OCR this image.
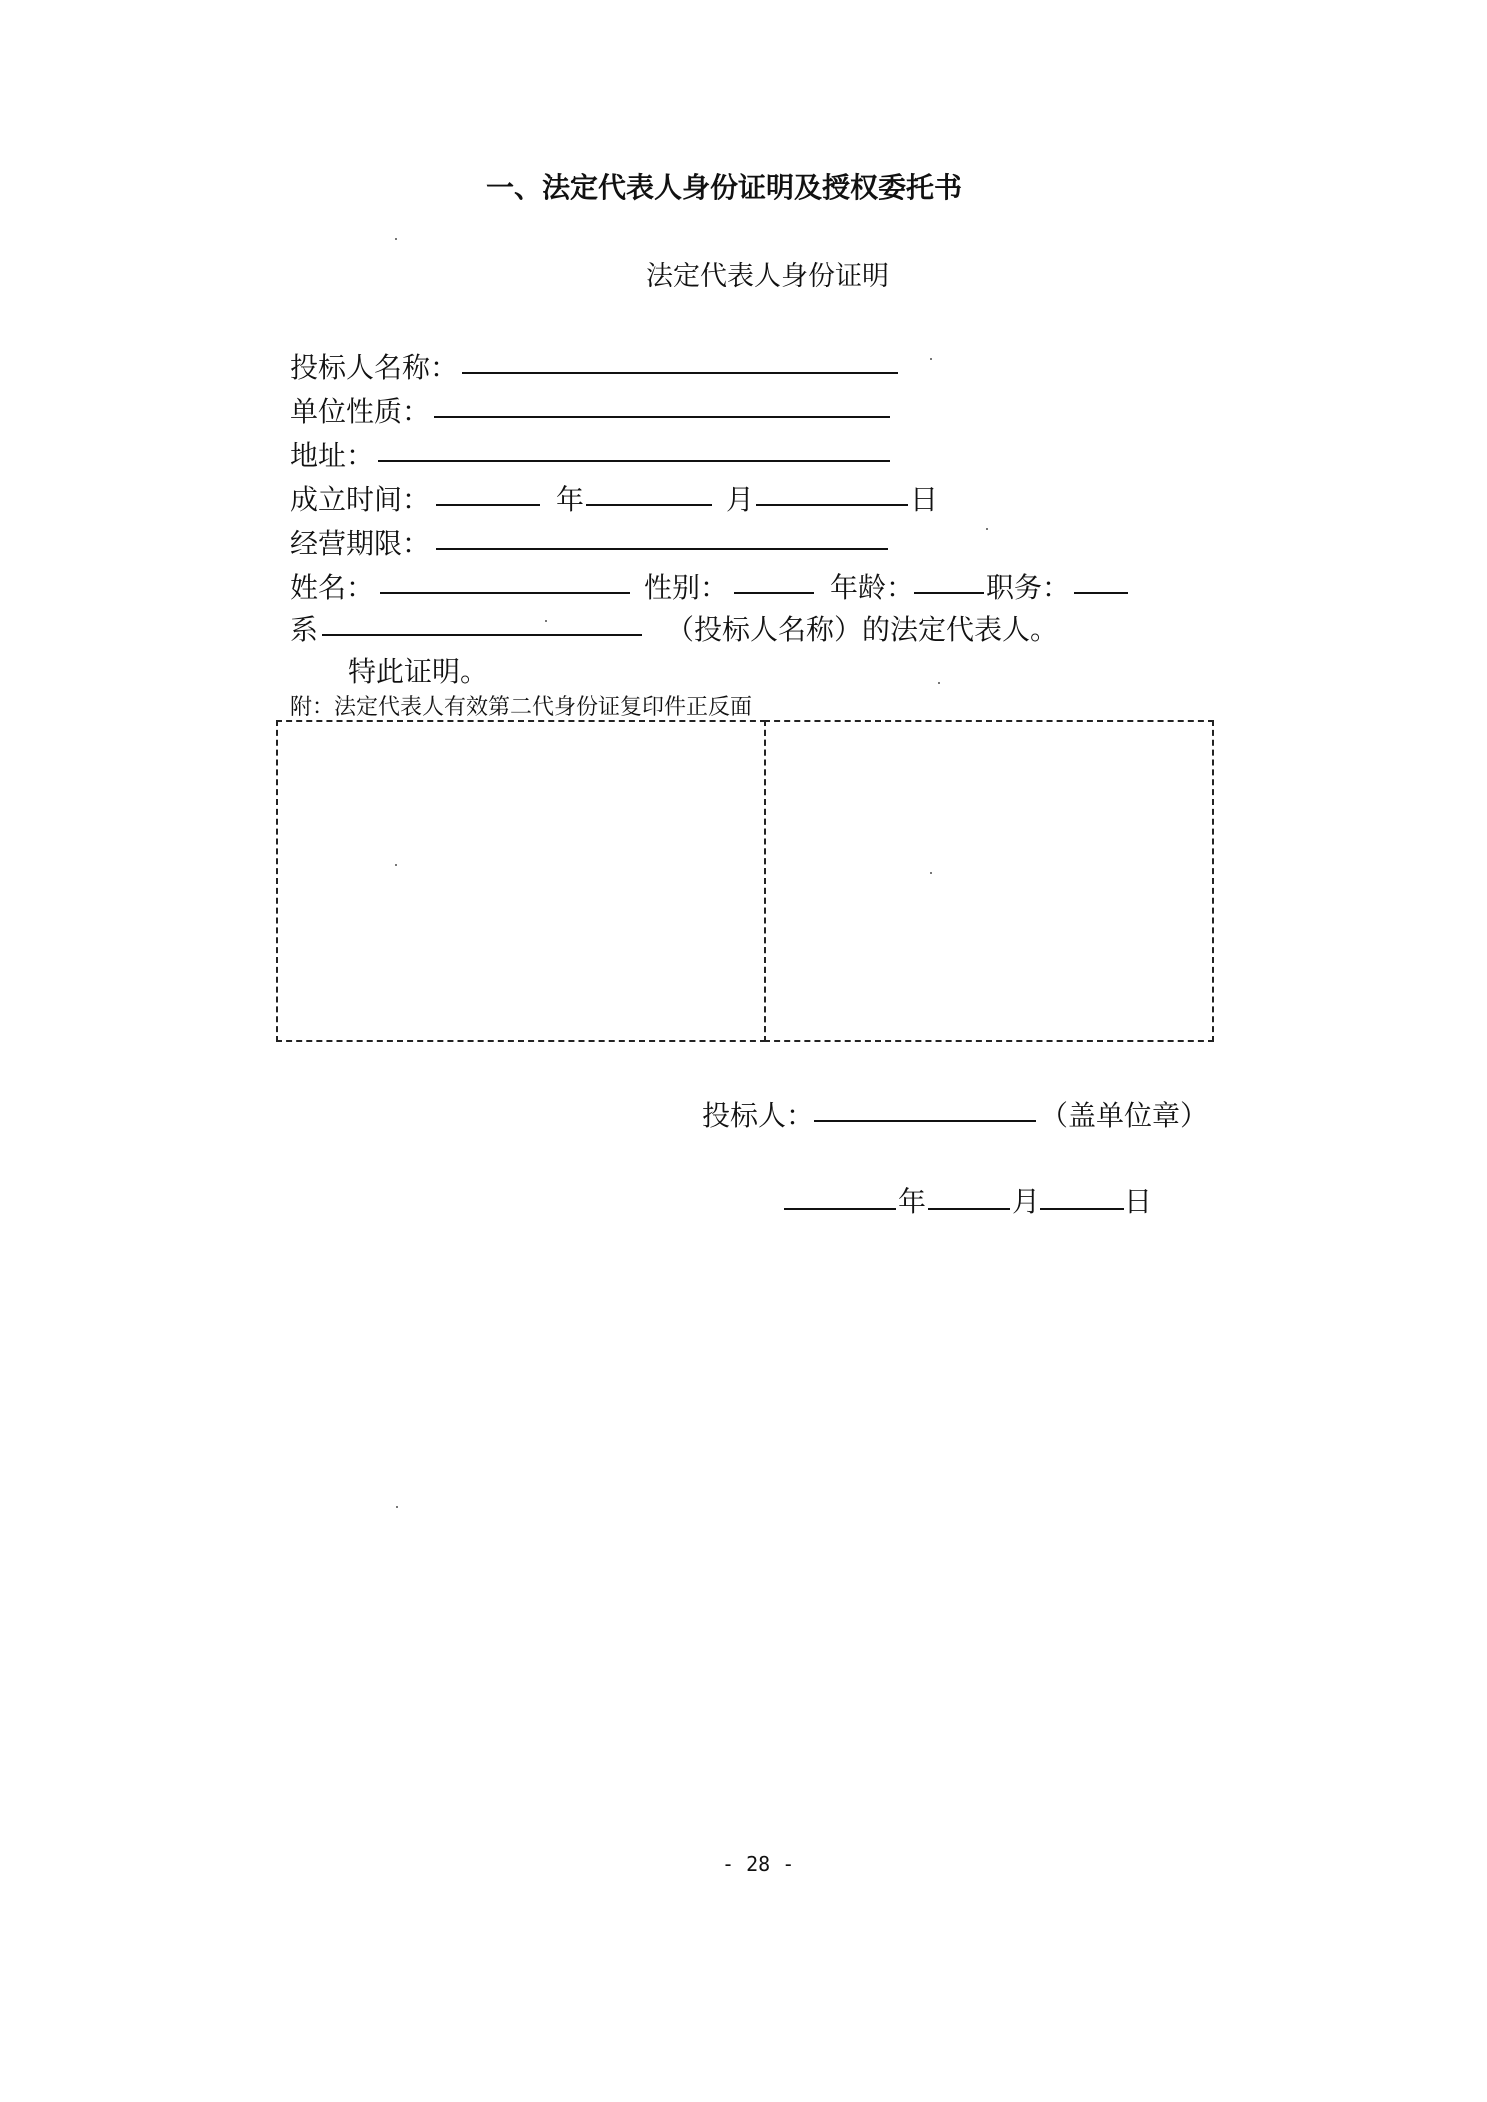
一、法定代表人身份证明及授权委托书
法定代表人身份证明
投标人名称：
单位性质：
地址：
成立时间：	年	月	日
经营期限：
姓名：	性别：	年龄：	职务：
系	（投标人名称）的法定代表人。
特此证明。
附：法定代表人有效第二代身份证复印件正反面
投标人：	（盖单位章）
年	月	日
- 28 -
